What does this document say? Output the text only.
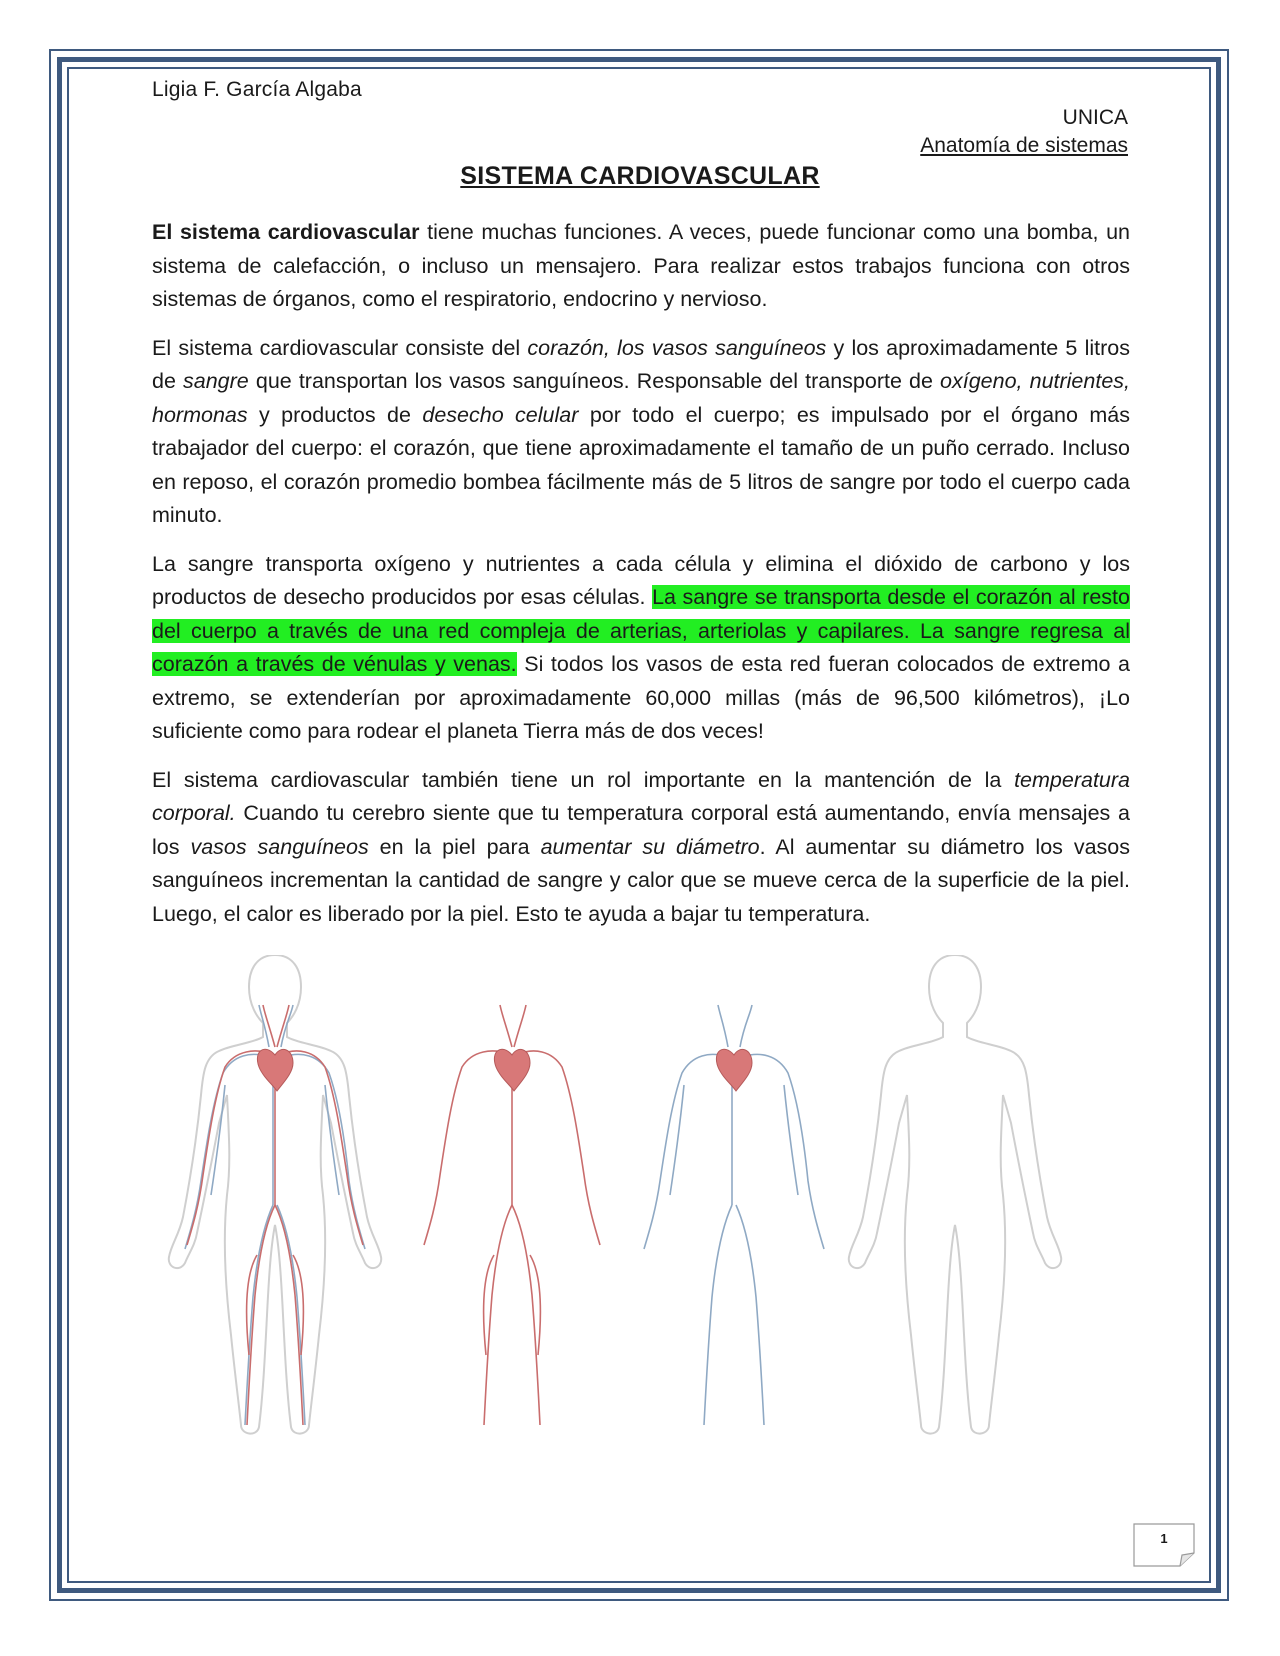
Ligia F. García Algaba
UNICA
Anatomía de sistemas
SISTEMA CARDIOVASCULAR

El sistema cardiovascular tiene muchas funciones. A veces, puede funcionar como una bomba, un sistema de calefacción, o incluso un mensajero. Para realizar estos trabajos funciona con otros sistemas de órganos, como el respiratorio, endocrino y nervioso.

El sistema cardiovascular consiste del corazón, los vasos sanguíneos y los aproximadamente 5 litros de sangre que transportan los vasos sanguíneos. Responsable del transporte de oxígeno, nutrientes, hormonas y productos de desecho celular por todo el cuerpo; es impulsado por el órgano más trabajador del cuerpo: el corazón, que tiene aproximadamente el tamaño de un puño cerrado. Incluso en reposo, el corazón promedio bombea fácilmente más de 5 litros de sangre por todo el cuerpo cada minuto.

La sangre transporta oxígeno y nutrientes a cada célula y elimina el dióxido de carbono y los productos de desecho producidos por esas células. La sangre se transporta desde el corazón al resto del cuerpo a través de una red compleja de arterias, arteriolas y capilares. La sangre regresa al corazón a través de vénulas y venas. Si todos los vasos de esta red fueran colocados de extremo a extremo, se extenderían por aproximadamente 60,000 millas (más de 96,500 kilómetros), ¡Lo suficiente como para rodear el planeta Tierra más de dos veces!

El sistema cardiovascular también tiene un rol importante en la mantención de la temperatura corporal. Cuando tu cerebro siente que tu temperatura corporal está aumentando, envía mensajes a los vasos sanguíneos en la piel para aumentar su diámetro. Al aumentar su diámetro los vasos sanguíneos incrementan la cantidad de sangre y calor que se mueve cerca de la superficie de la piel. Luego, el calor es liberado por la piel. Esto te ayuda a bajar tu temperatura.

1
